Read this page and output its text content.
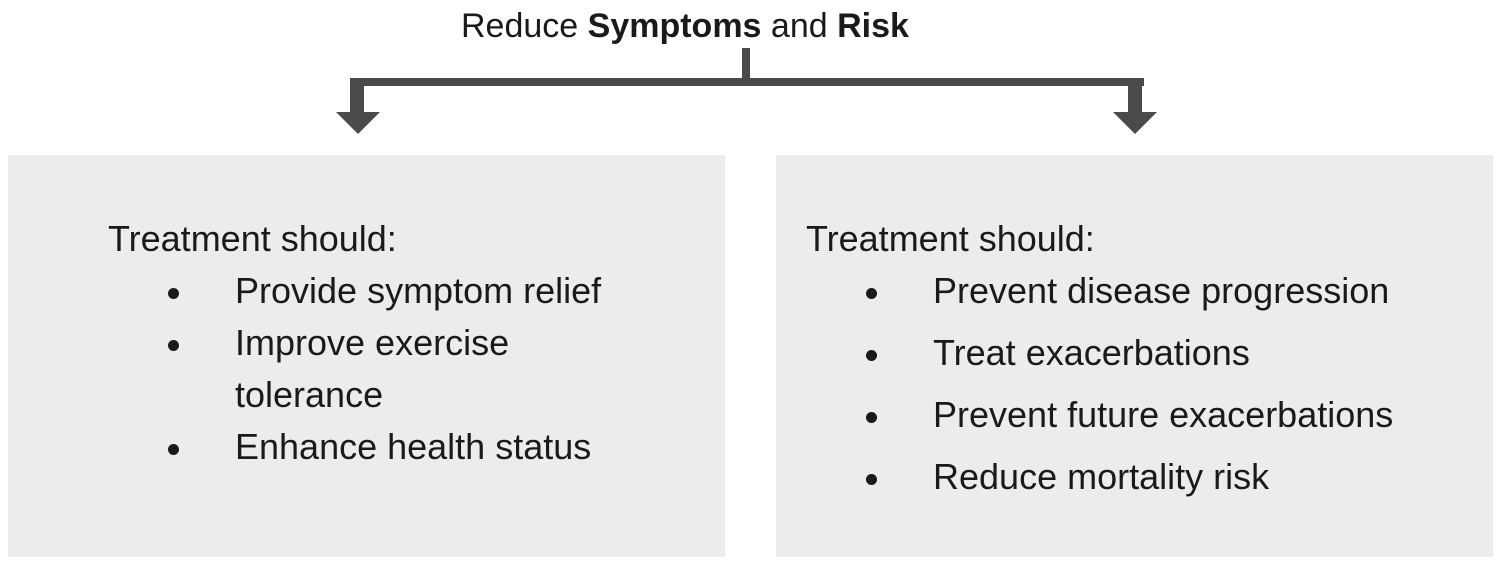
Reduce Symptoms and Risk
Treatment should:
Provide symptom relief
Improve exercise tolerance
Enhance health status
Treatment should:
Prevent disease progression
Treat exacerbations
Prevent future exacerbations
Reduce mortality risk
